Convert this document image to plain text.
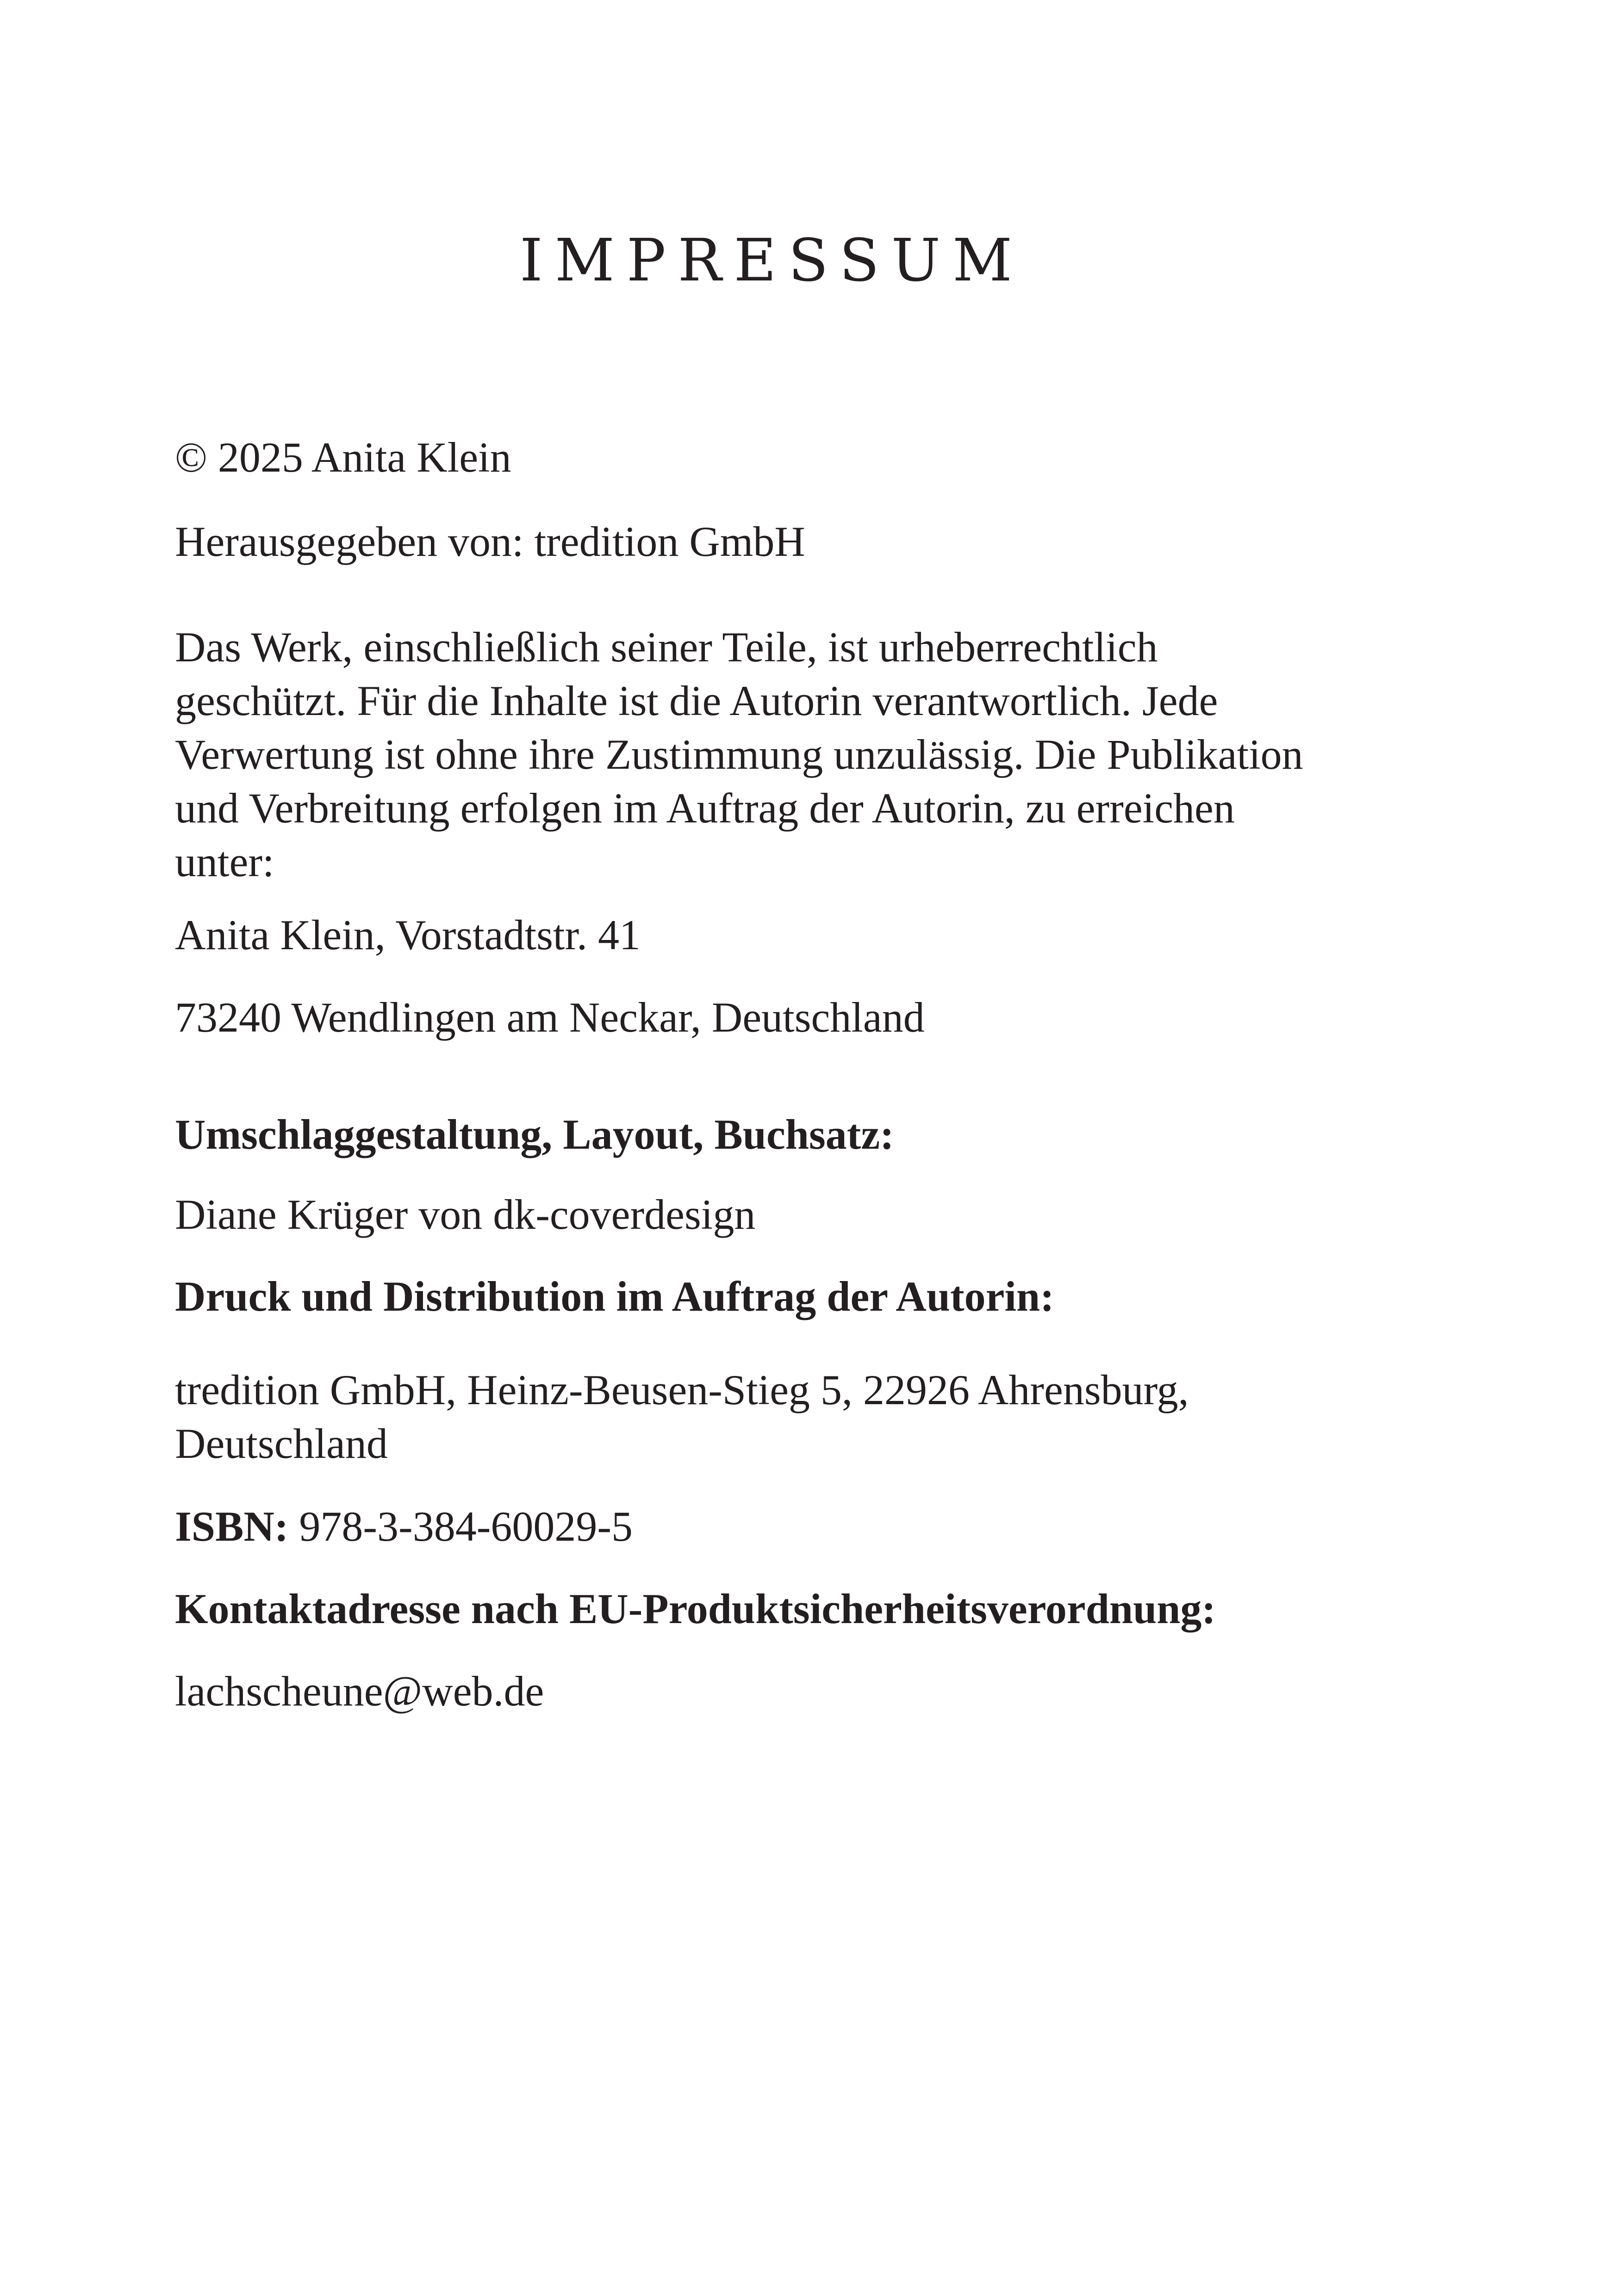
IMPRESSUM

© 2025 Anita Klein

Herausgegeben von: tredition GmbH

Das Werk, einschließlich seiner Teile, ist urheberrechtlich

geschützt. Für die Inhalte ist die Autorin verantwortlich. Jede

Verwertung ist ohne ihre Zustimmung unzulässig. Die Publikation

und Verbreitung erfolgen im Auftrag der Autorin, zu erreichen

unter:

Anita Klein, Vorstadtstr. 41

73240 Wendlingen am Neckar, Deutschland

Umschlaggestaltung, Layout, Buchsatz:

Diane Krüger von dk-coverdesign

Druck und Distribution im Auftrag der Autorin:

tredition GmbH, Heinz-Beusen-Stieg 5, 22926 Ahrensburg,

Deutschland

ISBN: 978-3-384-60029-5

Kontaktadresse nach EU-Produktsicherheitsverordnung:

lachscheune@web.de
